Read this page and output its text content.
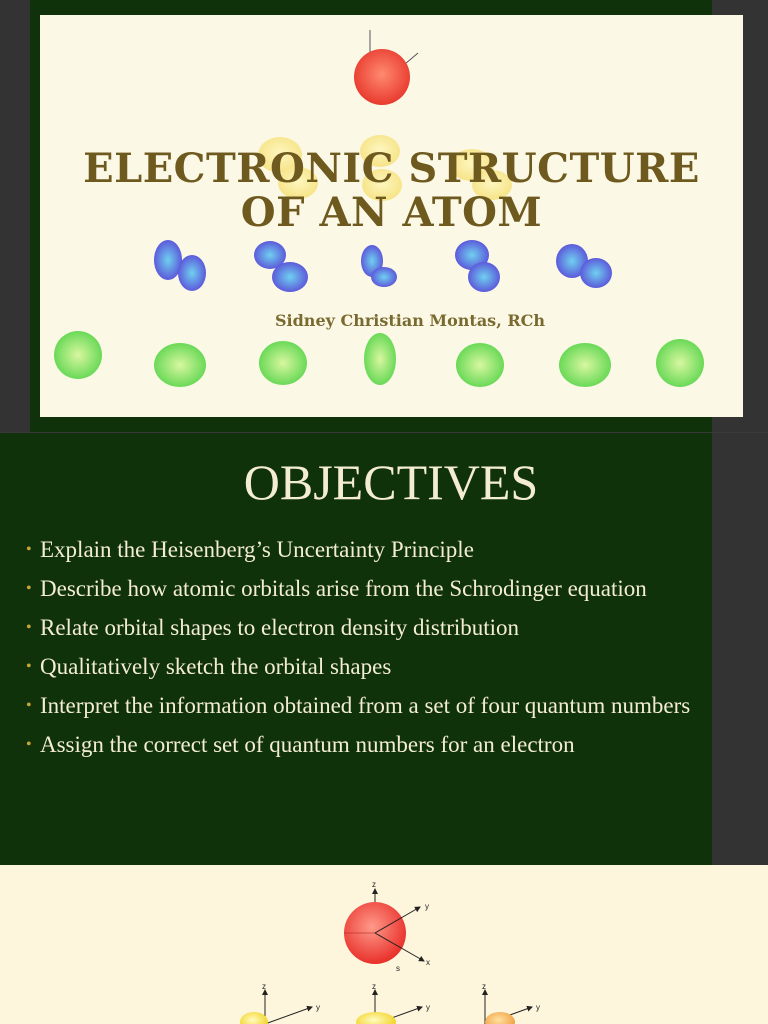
ELECTRONIC STRUCTURE
OF AN ATOM
Sidney Christian Montas, RCh
OBJECTIVES
• Explain the Heisenberg’s Uncertainty Principle
• Describe how atomic orbitals arise from the Schrodinger equation
• Relate orbital shapes to electron density distribution
• Qualitatively sketch the orbital shapes
• Interpret the information obtained from a set of four quantum numbers
• Assign the correct set of quantum numbers for an electron
z
y
x
s
z
y
z
y
z
y
